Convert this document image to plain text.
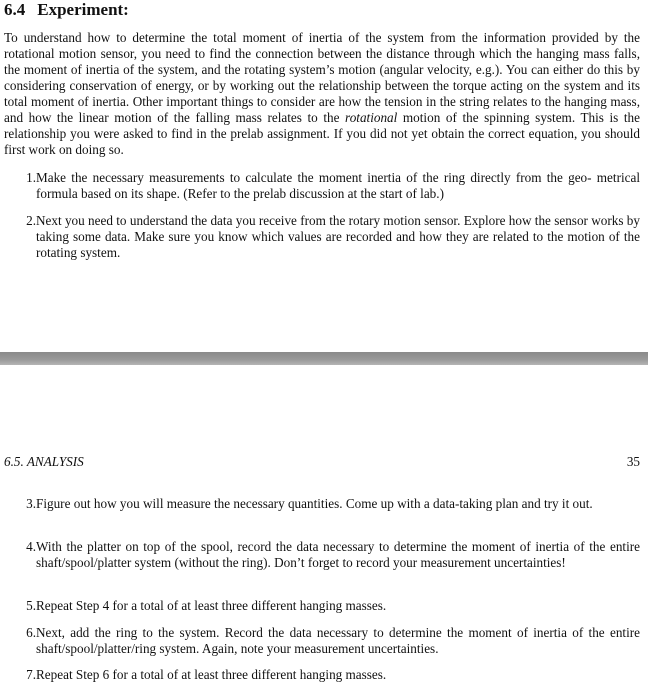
6.4 Experiment:

To understand how to determine the total moment of inertia of the system from the information provided by the rotational motion sensor, you need to find the connection between the distance through which the hanging mass falls, the moment of inertia of the system, and the rotating system’s motion (angular velocity, e.g.). You can either do this by considering conservation of energy, or by working out the relationship between the torque acting on the system and its total moment of inertia. Other important things to consider are how the tension in the string relates to the hanging mass, and how the linear motion of the falling mass relates to the rotational motion of the spinning system. This is the relationship you were asked to find in the prelab assignment. If you did not yet obtain the correct equation, you should first work on doing so.

1. Make the necessary measurements to calculate the moment inertia of the ring directly from the geo- metrical formula based on its shape. (Refer to the prelab discussion at the start of lab.)
2. Next you need to understand the data you receive from the rotary motion sensor. Explore how the sensor works by taking some data. Make sure you know which values are recorded and how they are related to the motion of the rotating system.
6.5. ANALYSIS	35
3. Figure out how you will measure the necessary quantities. Come up with a data-taking plan and try it out.
4. With the platter on top of the spool, record the data necessary to determine the moment of inertia of the entire shaft/spool/platter system (without the ring). Don’t forget to record your measurement uncertainties!
5. Repeat Step 4 for a total of at least three different hanging masses.
6. Next, add the ring to the system. Record the data necessary to determine the moment of inertia of the entire shaft/spool/platter/ring system. Again, note your measurement uncertainties.
7. Repeat Step 6 for a total of at least three different hanging masses.
